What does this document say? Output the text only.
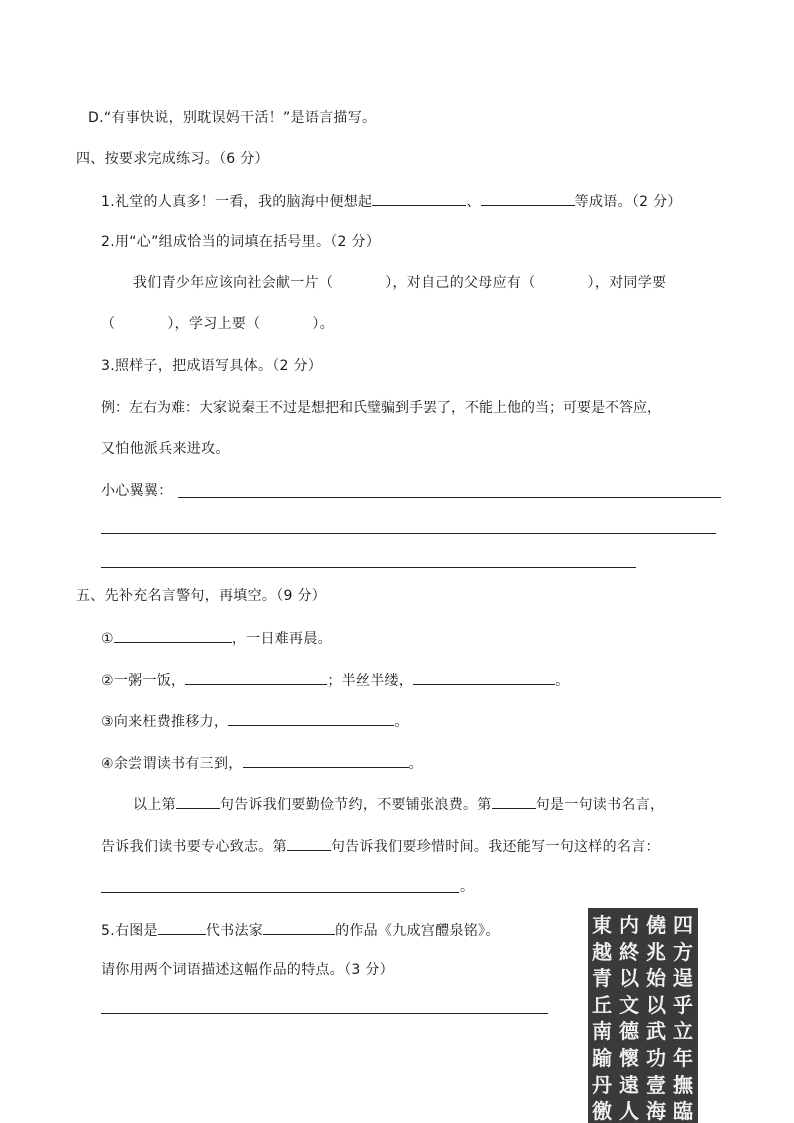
D.“有事快说，别耽误妈干活！”是语言描写。
四、按要求完成练习。（6 分）
1.礼堂的人真多！一看，我的脑海中便想起	、	等成语。（2 分）
2.用“心”组成恰当的词填在括号里。（2 分）
我们青少年应该向社会献一片（	），对自己的父母应有（	），对同学要
（	），学习上要（	）。
3.照样子，把成语写具体。（2 分）
例：左右为难：大家说秦王不过是想把和氏璧骗到手罢了，不能上他的当；可要是不答应，
又怕他派兵来进攻。
小心翼翼：
五、先补充名言警句，再填空。（9 分）
①	，一日难再晨。
②一粥一饭，	；半丝半缕，	。
③向来枉费推移力，	。
④余尝谓读书有三到，	。
以上第	句告诉我们要勤俭节约，不要铺张浪费。第	句是一句读书名言，
告诉我们读书要专心致志。第	句告诉我们要珍惜时间。我还能写一句这样的名言：
。
5.右图是	代书法家	的作品《九成宫醴泉铭》。
请你用两个词语描述这幅作品的特点。（3 分）
四
方
逞
乎
立
年
撫
臨
僥
兆
始
以
武
功
壹
海
内
終
以
文
德
懷
遠
人
東
越
青
丘
南
踰
丹
徼
